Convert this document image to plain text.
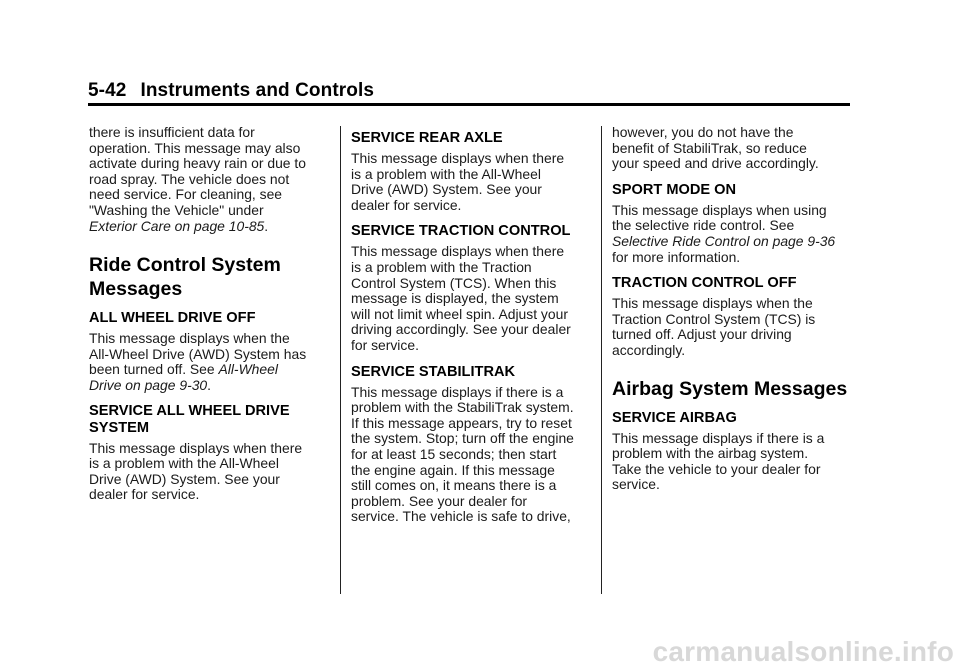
5-42 Instruments and Controls

there is insufficient data for
operation. This message may also
activate during heavy rain or due to
road spray. The vehicle does not
need service. For cleaning, see
"Washing the Vehicle" under
Exterior Care on page 10-85.

Ride Control System Messages
ALL WHEEL DRIVE OFF

This message displays when the
All-Wheel Drive (AWD) System has
been turned off. See All-Wheel
Drive on page 9-30.

SERVICE ALL WHEEL DRIVE SYSTEM

This message displays when there
is a problem with the All-Wheel
Drive (AWD) System. See your
dealer for service.

SERVICE REAR AXLE

This message displays when there
is a problem with the All-Wheel
Drive (AWD) System. See your
dealer for service.

SERVICE TRACTION CONTROL

This message displays when there
is a problem with the Traction
Control System (TCS). When this
message is displayed, the system
will not limit wheel spin. Adjust your
driving accordingly. See your dealer
for service.

SERVICE STABILITRAK

This message displays if there is a
problem with the StabiliTrak system.
If this message appears, try to reset
the system. Stop; turn off the engine
for at least 15 seconds; then start
the engine again. If this message
still comes on, it means there is a
problem. See your dealer for
service. The vehicle is safe to drive,

however, you do not have the
benefit of StabiliTrak, so reduce
your speed and drive accordingly.

SPORT MODE ON

This message displays when using
the selective ride control. See
Selective Ride Control on page 9-36
for more information.

TRACTION CONTROL OFF

This message displays when the
Traction Control System (TCS) is
turned off. Adjust your driving
accordingly.

Airbag System Messages
SERVICE AIRBAG

This message displays if there is a
problem with the airbag system.
Take the vehicle to your dealer for
service.

carmanualsonline.info
